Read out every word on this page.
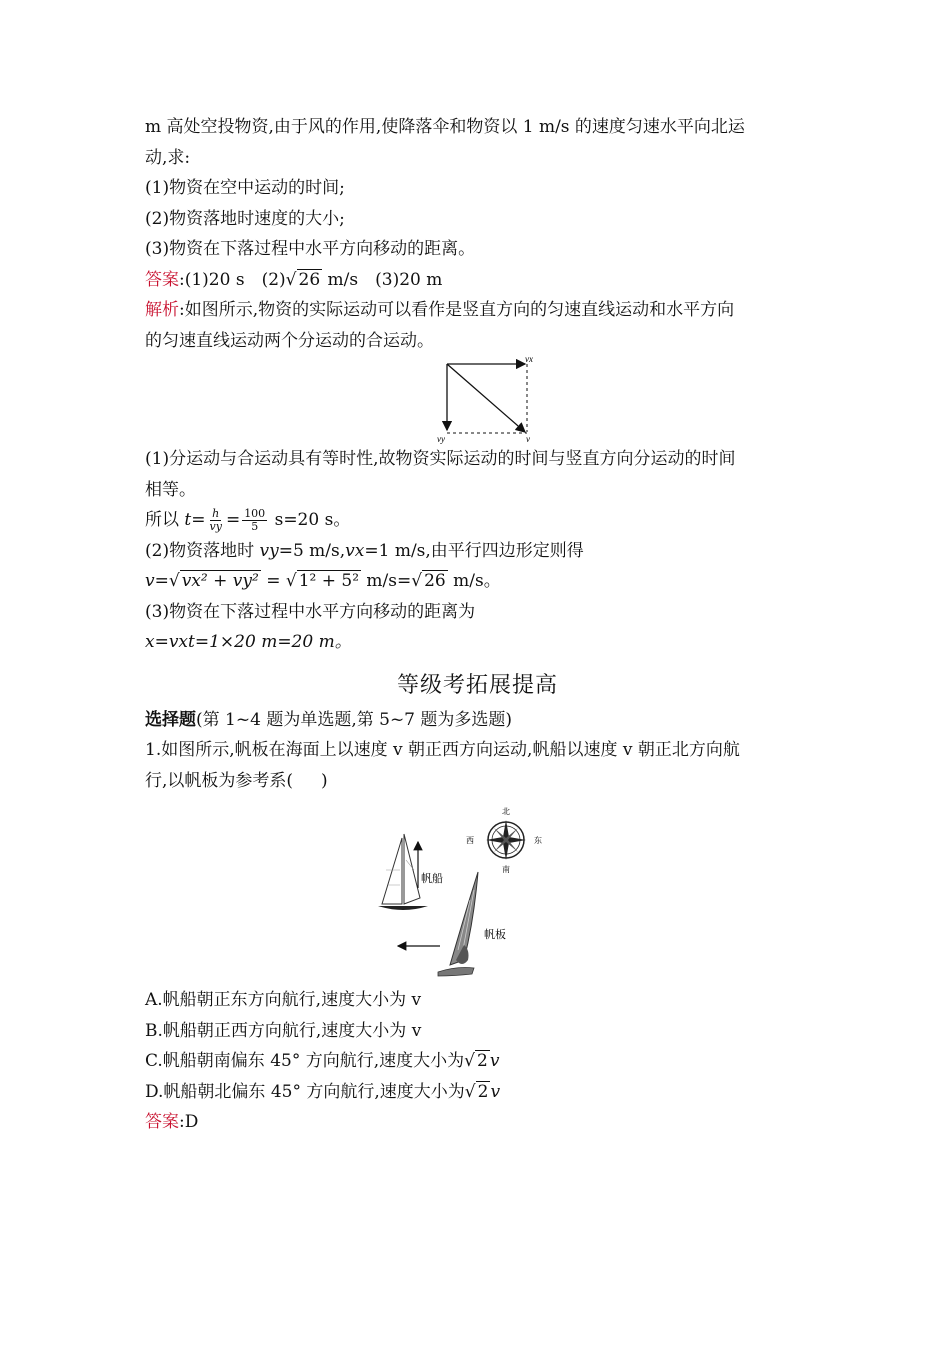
m 高处空投物资,由于风的作用,使降落伞和物资以 1 m/s 的速度匀速水平向北运
动,求:
(1)物资在空中运动的时间;
(2)物资落地时速度的大小;
(3)物资在下落过程中水平方向移动的距离。
答案:(1)20 s　(2)√ 26 m/s　(3)20 m
解析:如图所示,物资的实际运动可以看作是竖直方向的匀速直线运动和水平方向
的匀速直线运动两个分运动的合运动。
vx
vy	v
(1)分运动与合运动具有等时性,故物资实际运动的时间与竖直方向分运动的时间
相等。
所以 $t= \frac{h}{vy} = \frac{100}{5} s=20$ s。
(2)物资落地时 vy=5 m/s,vx=1 m/s,由平行四边形定则得
v=√ vx² + vy² = √ 1² + 5² m/s=√ 26 m/s。
(3)物资在下落过程中水平方向移动的距离为
x=vxt=1×20 m=20 m。
等级考拓展提高
选择题(第 1~4 题为单选题,第 5~7 题为多选题)
1.如图所示,帆板在海面上以速度 v 朝正西方向运动,帆船以速度 v 朝正北方向航
行,以帆板为参考系( )
帆船
北
南
西	东
帆板
A.帆船朝正东方向航行,速度大小为 v
B.帆船朝正西方向航行,速度大小为 v
C.帆船朝南偏东 45° 方向航行,速度大小为√ 2 v
D.帆船朝北偏东 45° 方向航行,速度大小为√ 2 v
答案:D
